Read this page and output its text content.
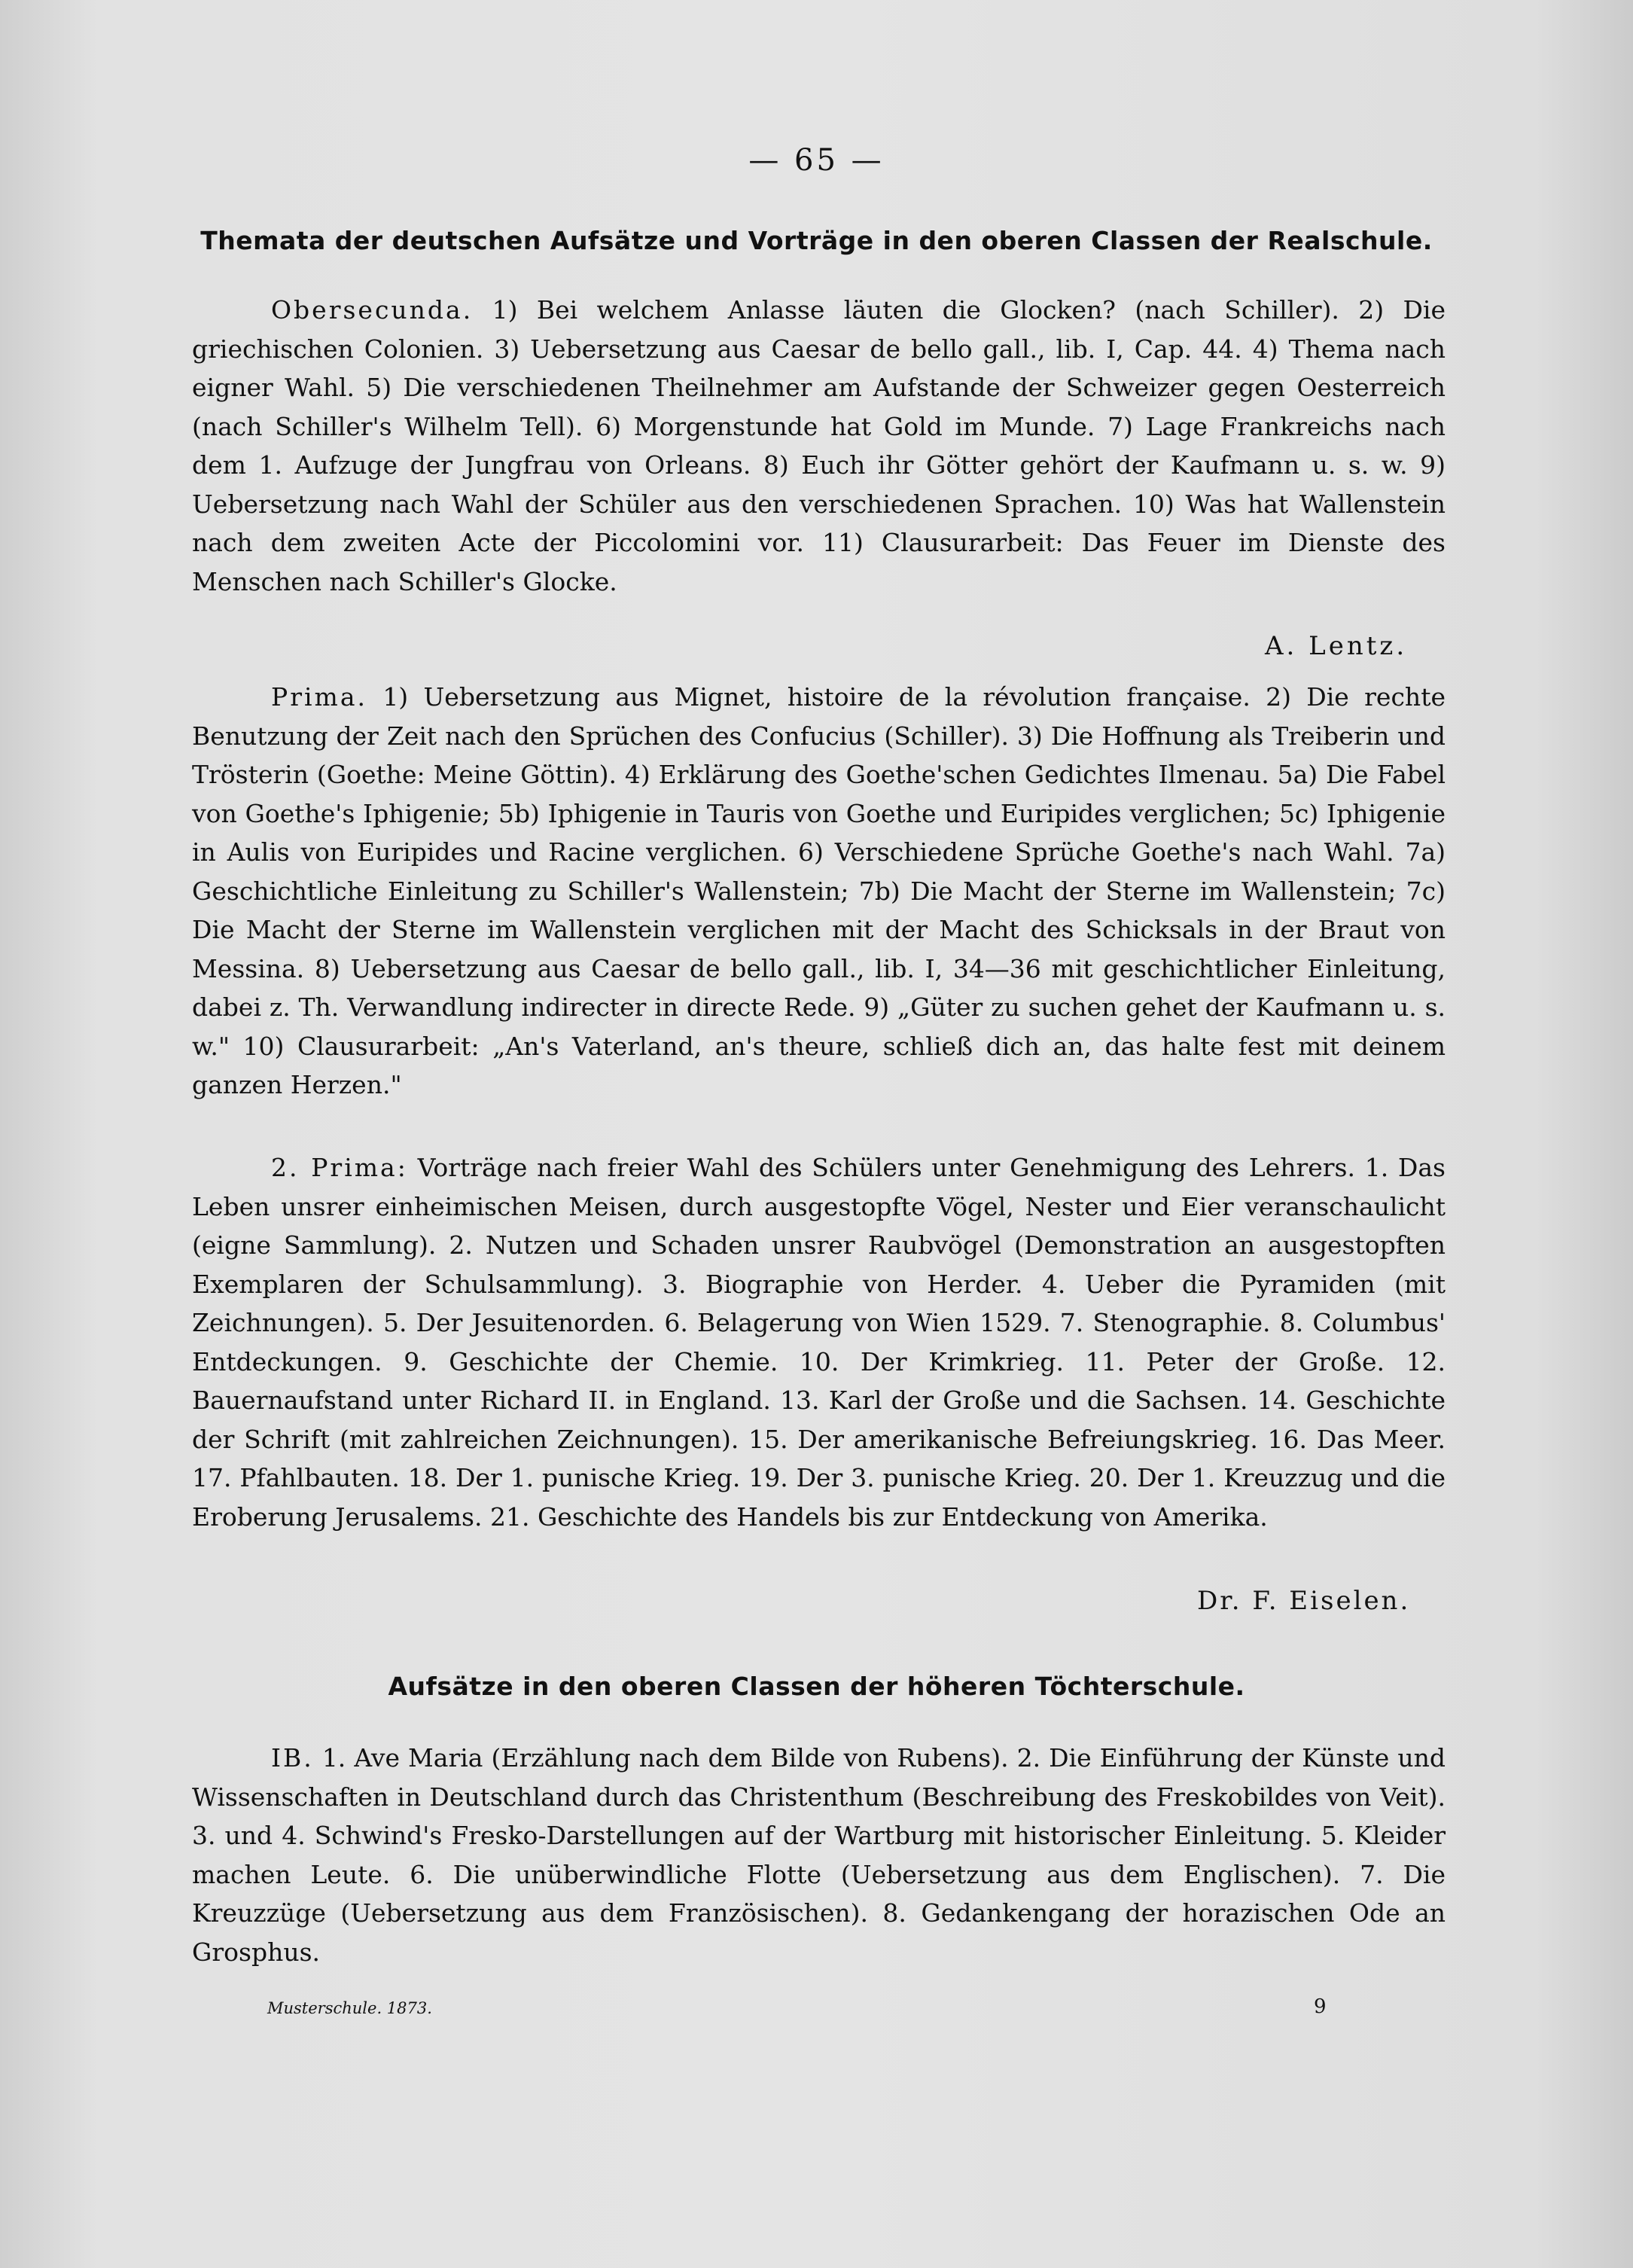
— 65 —
Themata der deutschen Aufsätze und Vorträge in den oberen Classen der Realschule.

Obersecunda. 1) Bei welchem Anlasse läuten die Glocken? (nach Schiller). 2) Die griechischen Colonien. 3) Uebersetzung aus Caesar de bello gall., lib. I, Cap. 44. 4) Thema nach eigner Wahl. 5) Die verschiedenen Theilnehmer am Aufstande der Schweizer gegen Oesterreich (nach Schiller's Wilhelm Tell). 6) Morgenstunde hat Gold im Munde. 7) Lage Frankreichs nach dem 1. Aufzuge der Jungfrau von Orleans. 8) Euch ihr Götter gehört der Kaufmann u. s. w. 9) Uebersetzung nach Wahl der Schüler aus den verschiedenen Sprachen. 10) Was hat Wallenstein nach dem zweiten Acte der Piccolomini vor. 11) Clausurarbeit: Das Feuer im Dienste des Menschen nach Schiller's Glocke.

A. Lentz.

Prima. 1) Uebersetzung aus Mignet, histoire de la révolution française. 2) Die rechte Benutzung der Zeit nach den Sprüchen des Confucius (Schiller). 3) Die Hoffnung als Treiberin und Trösterin (Goethe: Meine Göttin). 4) Erklärung des Goethe'schen Gedichtes Ilmenau. 5a) Die Fabel von Goethe's Iphigenie; 5b) Iphigenie in Tauris von Goethe und Euripides verglichen; 5c) Iphigenie in Aulis von Euripides und Racine verglichen. 6) Verschiedene Sprüche Goethe's nach Wahl. 7a) Geschichtliche Einleitung zu Schiller's Wallenstein; 7b) Die Macht der Sterne im Wallenstein; 7c) Die Macht der Sterne im Wallenstein verglichen mit der Macht des Schicksals in der Braut von Messina. 8) Uebersetzung aus Caesar de bello gall., lib. I, 34—36 mit geschichtlicher Einleitung, dabei z. Th. Verwandlung indirecter in directe Rede. 9) „Güter zu suchen gehet der Kaufmann u. s. w." 10) Clausurarbeit: „An's Vaterland, an's theure, schließ dich an, das halte fest mit deinem ganzen Herzen."

2. Prima: Vorträge nach freier Wahl des Schülers unter Genehmigung des Lehrers. 1. Das Leben unsrer einheimischen Meisen, durch ausgestopfte Vögel, Nester und Eier veranschaulicht (eigne Sammlung). 2. Nutzen und Schaden unsrer Raubvögel (Demonstration an ausgestopften Exemplaren der Schulsammlung). 3. Biographie von Herder. 4. Ueber die Pyramiden (mit Zeichnungen). 5. Der Jesuitenorden. 6. Belagerung von Wien 1529. 7. Stenographie. 8. Columbus' Entdeckungen. 9. Geschichte der Chemie. 10. Der Krimkrieg. 11. Peter der Große. 12. Bauernaufstand unter Richard II. in England. 13. Karl der Große und die Sachsen. 14. Geschichte der Schrift (mit zahlreichen Zeichnungen). 15. Der amerikanische Befreiungskrieg. 16. Das Meer. 17. Pfahlbauten. 18. Der 1. punische Krieg. 19. Der 3. punische Krieg. 20. Der 1. Kreuzzug und die Eroberung Jerusalems. 21. Geschichte des Handels bis zur Entdeckung von Amerika.

Dr. F. Eiselen.
Aufsätze in den oberen Classen der höheren Töchterschule.

IB. 1. Ave Maria (Erzählung nach dem Bilde von Rubens). 2. Die Einführung der Künste und Wissenschaften in Deutschland durch das Christenthum (Beschreibung des Freskobildes von Veit). 3. und 4. Schwind's Fresko-Darstellungen auf der Wartburg mit historischer Einleitung. 5. Kleider machen Leute. 6. Die unüberwindliche Flotte (Uebersetzung aus dem Englischen). 7. Die Kreuzzüge (Uebersetzung aus dem Französischen). 8. Gedankengang der horazischen Ode an Grosphus.

Musterschule. 1873.	9
